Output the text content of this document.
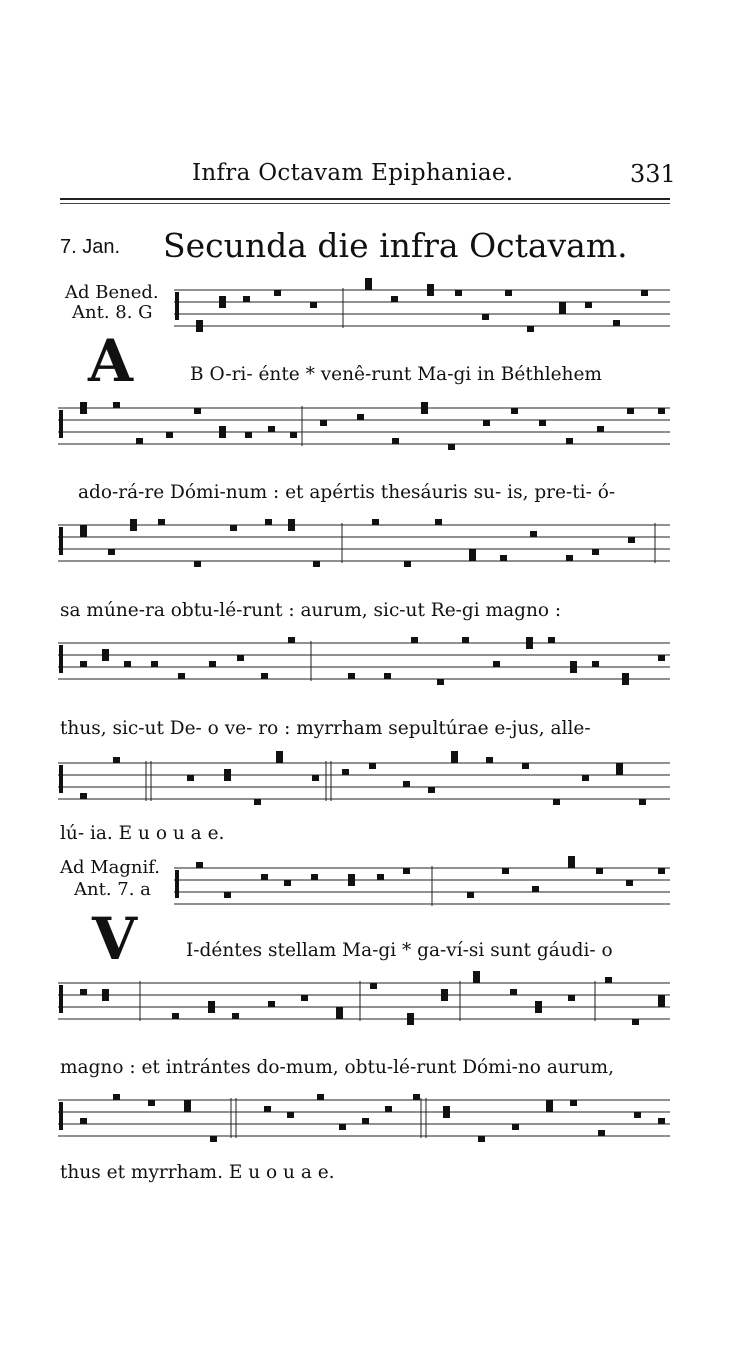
Infra Octavam Epiphaniae.	331
7. Jan. Secunda die infra Octavam.
Ad Bened.
Ant. 8. G
A
Ad Magnif.
Ant. 7. a
V
B O-ri- énte * venê-runt Ma-gi in Béthlehem
ado-rá-re Dómi-num : et apértis thesáuris su- is, pre-ti- ó-
sa múne-ra obtu-lé-runt : aurum, sic-ut Re-gi magno :
thus, sic-ut De- o ve- ro : myrrham sepultúrae e-jus, alle-
lú- ia. E u o u a e.
I-déntes stellam Ma-gi * ga-ví-si sunt gáudi- o
magno : et intrántes do-mum, obtu-lé-runt Dómi-no aurum,
thus et myrrham. E u o u a e.
